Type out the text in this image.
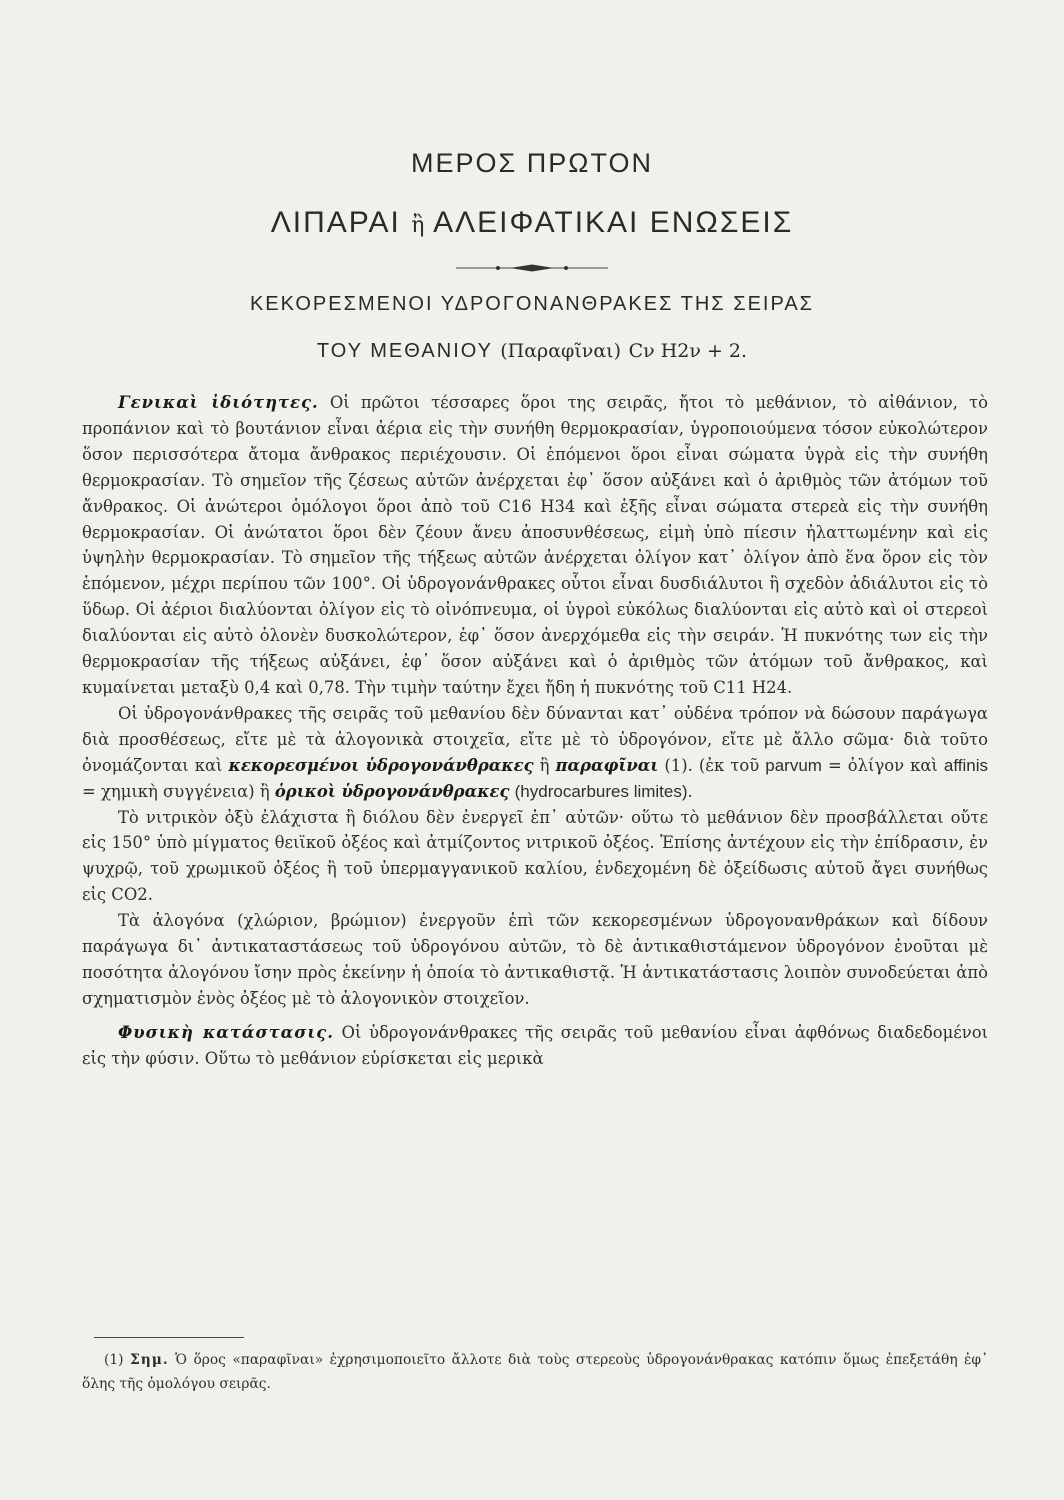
ΜΕΡΟΣ ΠΡΩΤΟΝ
ΛΙΠΑΡΑΙ ἢ ΑΛΕΙΦΑΤΙΚΑΙ ΕΝΩΣΕΙΣ
ΚΕΚΟΡΕΣΜΕΝΟΙ ΥΔΡΟΓΟΝΑΝΘΡΑΚΕΣ ΤΗΣ ΣΕΙΡΑΣ
ΤΟΥ ΜΕΘΑΝΙΟΥ (Παραφῖναι) Cν H2ν + 2.

Γενικαὶ ἰδιότητες. Οἱ πρῶτοι τέσσαρες ὅροι της σειρᾶς, ἤτοι τὸ μεθάνιον, τὸ αἰθάνιον, τὸ προπάνιον καὶ τὸ βουτάνιον εἶναι ἀέρια εἰς τὴν συνήθη θερμοκρασίαν, ὑγροποιούμενα τόσον εὐκολώτερον ὅσον περισσότερα ἄτομα ἄνθρακος περιέχουσιν. Οἱ ἑπόμενοι ὅροι εἶναι σώματα ὑγρὰ εἰς τὴν συνήθη θερμοκρασίαν. Τὸ σημεῖον τῆς ζέσεως αὐτῶν ἀνέρχεται ἐφ᾽ ὅσον αὐξάνει καὶ ὁ ἀριθμὸς τῶν ἀτόμων τοῦ ἄνθρακος. Οἱ ἀνώτεροι ὁμόλογοι ὅροι ἀπὸ τοῦ C16 H34 καὶ ἑξῆς εἶναι σώματα στερεὰ εἰς τὴν συνήθη θερμοκρασίαν. Οἱ ἀνώτατοι ὅροι δὲν ζέουν ἄνευ ἀποσυνθέσεως, εἰμὴ ὑπὸ πίεσιν ἠλαττωμένην καὶ εἰς ὑψηλὴν θερμοκρασίαν. Τὸ σημεῖον τῆς τήξεως αὐτῶν ἀνέρχεται ὀλίγον κατ᾽ ὀλίγον ἀπὸ ἕνα ὅρον εἰς τὸν ἑπόμενον, μέχρι περίπου τῶν 100°. Οἱ ὑδρογονάνθρακες οὗτοι εἶναι δυσδιάλυτοι ἢ σχεδὸν ἀδιάλυτοι εἰς τὸ ὕδωρ. Οἱ ἀέριοι διαλύονται ὀλίγον εἰς τὸ οἰνόπνευμα, οἱ ὑγροὶ εὐκόλως διαλύονται εἰς αὐτὸ καὶ οἱ στερεοὶ διαλύονται εἰς αὐτὸ ὁλονὲν δυσκολώτερον, ἐφ᾽ ὅσον ἀνερχόμεθα εἰς τὴν σειράν. Ἡ πυκνότης των εἰς τὴν θερμοκρασίαν τῆς τήξεως αὐξάνει, ἐφ᾽ ὅσον αὐξάνει καὶ ὁ ἀριθμὸς τῶν ἀτόμων τοῦ ἄνθρακος, καὶ κυμαίνεται μεταξὺ 0,4 καὶ 0,78. Τὴν τιμὴν ταύτην ἔχει ἤδη ἡ πυκνότης τοῦ C11 H24.

Οἱ ὑδρογονάνθρακες τῆς σειρᾶς τοῦ μεθανίου δὲν δύνανται κατ᾽ οὐδένα τρόπον νὰ δώσουν παράγωγα διὰ προσθέσεως, εἴτε μὲ τὰ ἀλογονικὰ στοιχεῖα, εἴτε μὲ τὸ ὑδρογόνον, εἴτε μὲ ἄλλο σῶμα· διὰ τοῦτο ὀνομάζονται καὶ κεκορεσμένοι ὑδρογονάνθρακες ἢ παραφῖναι (1). (ἐκ τοῦ parvum = ὀλίγον καὶ affinis = χημικὴ συγγένεια) ἢ ὁρικοὶ ὑδρογονάνθρακες (hydrocarbures limites).

Τὸ νιτρικὸν ὀξὺ ἐλάχιστα ἢ διόλου δὲν ἐνεργεῖ ἐπ᾽ αὐτῶν· οὕτω τὸ μεθάνιον δὲν προσβάλλεται οὔτε εἰς 150° ὑπὸ μίγματος θειϊκοῦ ὀξέος καὶ ἀτμίζοντος νιτρικοῦ ὀξέος. Ἐπίσης ἀντέχουν εἰς τὴν ἐπίδρασιν, ἐν ψυχρῷ, τοῦ χρωμικοῦ ὀξέος ἢ τοῦ ὑπερμαγγανικοῦ καλίου, ἐνδεχομένη δὲ ὀξείδωσις αὐτοῦ ἄγει συνήθως εἰς CO2.

Τὰ ἀλογόνα (χλώριον, βρώμιον) ἐνεργοῦν ἐπὶ τῶν κεκορεσμένων ὑδρογονανθράκων καὶ δίδουν παράγωγα δι᾽ ἀντικαταστάσεως τοῦ ὑδρογόνου αὐτῶν, τὸ δὲ ἀντικαθιστάμενον ὑδρογόνον ἑνοῦται μὲ ποσότητα ἀλογόνου ἴσην πρὸς ἐκείνην ἡ ὁποία τὸ ἀντικαθιστᾷ. Ἡ ἀντικατάστασις λοιπὸν συνοδεύεται ἀπὸ σχηματισμὸν ἑνὸς ὀξέος μὲ τὸ ἀλογονικὸν στοιχεῖον.

Φυσικὴ κατάστασις. Οἱ ὑδρογονάνθρακες τῆς σειρᾶς τοῦ μεθανίου εἶναι ἀφθόνως διαδεδομένοι εἰς τὴν φύσιν. Οὕτω τὸ μεθάνιον εὑρίσκεται εἰς μερικὰ

(1) Σημ. Ὁ ὅρος «παραφῖναι» ἐχρησιμοποιεῖτο ἄλλοτε διὰ τοὺς στερεοὺς ὑδρογονάνθρακας κατόπιν ὅμως ἐπεξετάθη ἐφ᾽ ὅλης τῆς ὁμολόγου σειρᾶς.
